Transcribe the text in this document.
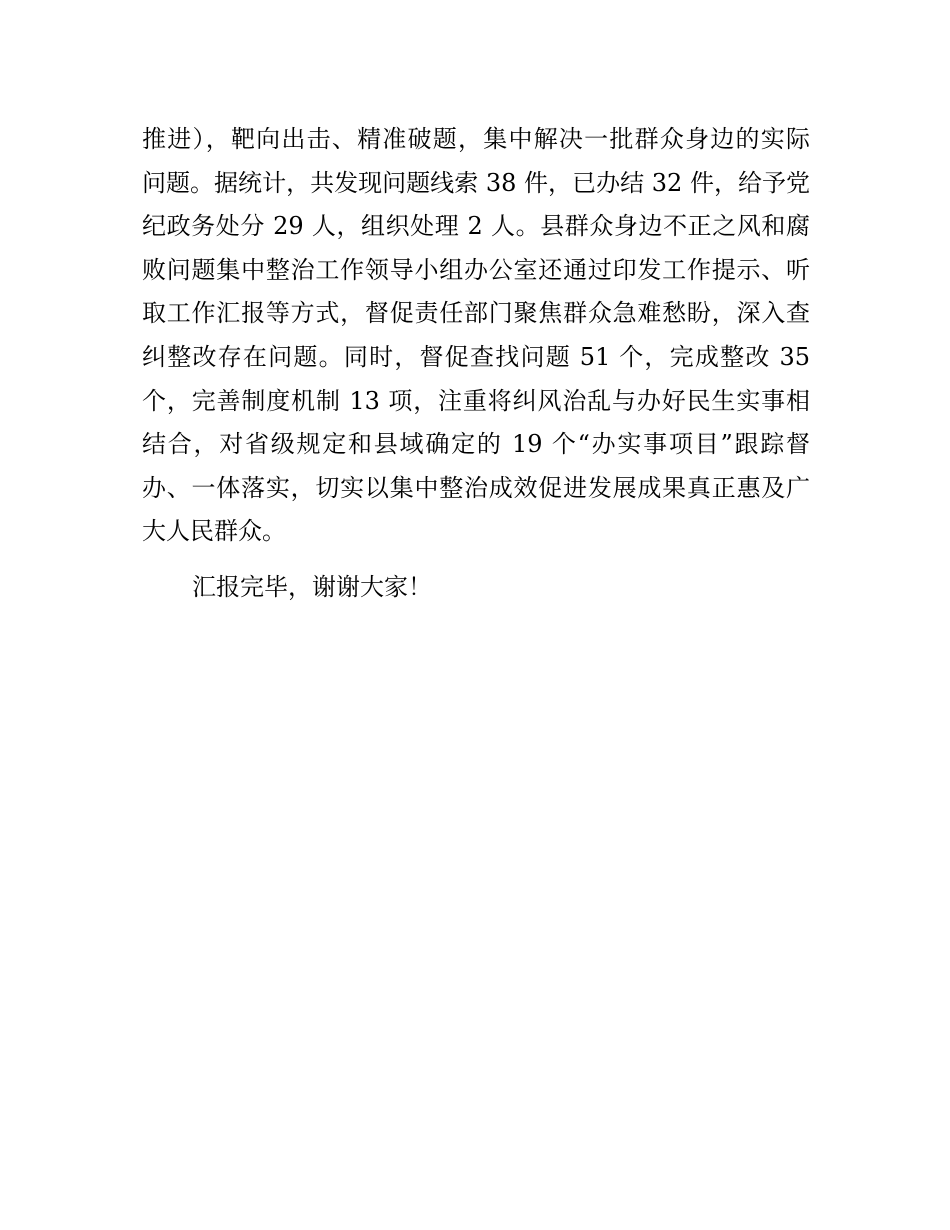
推进），靶向出击、精准破题，集中解决一批群众身边的实际
问题。据统计，共发现问题线索 38 件，已办结 32 件，给予党
纪政务处分 29 人，组织处理 2 人。县群众身边不正之风和腐
败问题集中整治工作领导小组办公室还通过印发工作提示、听
取工作汇报等方式，督促责任部门聚焦群众急难愁盼，深入查
纠整改存在问题。同时，督促查找问题 51 个，完成整改 35
个，完善制度机制 13 项，注重将纠风治乱与办好民生实事相
结合，对省级规定和县域确定的 19 个“办实事项目”跟踪督
办、一体落实，切实以集中整治成效促进发展成果真正惠及广
大人民群众。
汇报完毕，谢谢大家！
